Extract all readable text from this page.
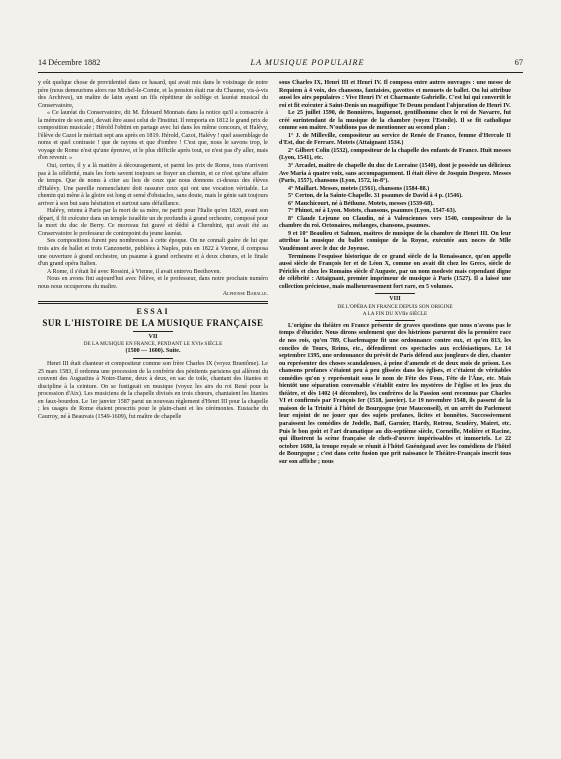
14 Décembre 1882	LA MUSIQUE POPULAIRE	67

y eût quelque chose de providentiel dans ce hasard, qui avait mis dans le voisinage de notre père (nous demeurions alors rue Michel-le-Comte, et la pension était rue du Chaume, vis-à-vis des Archives), un maître de latin ayant un fils répétiteur de solfège et lauréat musical du Conservatoire,

« Ce lauréat du Conservatoire, dit M. Édouard Monnais dans la notice qu'il a consacrée à la mémoire de son ami, devait être aussi celui de l'Institut. Il remporta en 1812 le grand prix de composition musicale ; Hérold l'obtint en partage avec lui dans les même concours, et Halévy, l'élève de Cazot le méritait sept ans après en 1819. Hérold, Cazot, Halévy ! quel assemblage de noms et quel contraste ! que de rayons et que d'ombre ! C'est que, nous le savons trop, le voyage de Rome n'est qu'une épreuve, et le plus difficile après tout, ce n'est pas d'y aller, mais d'en revenir. »

Oui, certes, il y a là matière à découragement, et parmi les prix de Rome, tous n'arrivent pas à la célébrité, mais les forts savent toujours se frayer un chemin, et ce n'est qu'une affaire de temps. Que de noms à citer au lieu de ceux que nous donnons ci-dessus des élèves d'Halévy. Une pareille nomenclature doit rassurer ceux qui ont une vocation véritable. Le chemin qui mène à la gloire est long et semé d'obstacles, sans doute, mais le génie sait toujours arriver à son but sans hésitation et surtout sans défaillance.

Halévy, retenu à Paris par la mort de sa mère, ne partit pour l'Italie qu'en 1820, avant son départ, il fit exécuter dans un temple israélite un de profundis à grand orchestre, composé pour la mort du duc de Berry. Ce morceau fut gravé et dédié à Cherubini, qui avait été au Conservatoire le professeur de contrepoint du jeune lauréat.

Ses compositions furent peu nombreuses à cette époque. On ne connaît guère de lui que trois airs de ballet et trois Canzonette, publiées à Naples, puis en 1822 à Vienne, il composa une ouverture à grand orchestre, un psaume à grand orchestre et à deux chœurs, et le finale d'un grand opéra Italien.

A Rome, il s'était lié avec Rossini, à Vienne, il avait entrevu Beethoven.

Nous en avons fini aujourd'hui avec l'élève, et le professeur, dans notre prochain numéro nous nous occuperons du maître.

Alphonse Baralle.
ESSAI
SUR L'HISTOIRE DE LA MUSIQUE FRANÇAISE
VII
DE LA MUSIQUE EN FRANCE, PENDANT LE XVIe SIÈCLE
(1500 — 1600). Suite.

Henri III était chanteur et compositeur comme son frère Charles IX (voyez Brantôme). Le 25 mars 1583, il ordonna une procession de la confrérie des pénitents parisiens qui allèrent du couvent des Augustins à Notre-Dame, deux à deux, en sac de toile, chantant des litanies et discipline à la ceinture. On se fustigeait en musique (voyez les airs du roi René pour la procession d'Aix). Les musiciens de la chapelle divisés en trois chœurs, chantaient les litanies en faux-bourdon. Le 1er janvier 1587 parut un nouveau règlement d'Henri III pour la chapelle ; les usages de Rome étaient prescrits pour le plain-chant et les cérémonies. Eustache du Caurroy, né à Beauvais (1549-1609), fut maître de chapelle

sous Charles IX, Henri III et Henri IV. Il composa entre autres ouvrages : une messe de Requiem à 4 voix, des chansons, fantaisies, gavottes et menuets de ballet. On lui attribue aussi les airs populaires : Vive Henri IV et Charmante Gabrielle. C'est lui qui convertit le roi et fit exécuter à Saint-Denis un magnifique Te Deum pendant l'abjuration de Henri IV.

Le 25 juillet 1590, de Bonnières, huguenot, gentilhomme chez le roi de Navarre, fut créé surintendant de la musique de la chambre (voyez l'Estoile). Il se fit catholique comme son maître. N'oublions pas de mentionner au second plan :

1° J. de Milleville, compositeur au service de Renée de France, femme d'Hercule II d'Est, duc de Ferrare. Motets (Attaignant 1534.)

2° Gilbert Colin (1532), compositeur de la chapelle des enfants de France. Huit messes (Lyon, 1541), etc.

3° Arcadet, maître de chapelle du duc de Lorraine (1540), dont je possède un délicieux Ave Maria à quatre voix, sans accompagnement. Il était élève de Josquin Desprez. Messes (Paris, 1557), chansons (Lyon, 1572, in-8°).

4° Maillart. Messes, motets (1561), chansons (1584-88.)

5° Certon, de la Sainte-Chapelle. 31 psaumes de David à 4 p. (1546).

6° Mauchicourt, né à Béthune. Motets, messes (1539-68).

7° Phinot, né à Lyon. Motets, chansons, psaumes (Lyon, 1547-63).

8° Claude Lejeune ou Claudin, né à Valenciennes vers 1540, compositeur de la chambre du roi. Octonaires, mélanges, chansons, psaumes.

9 et 10° Beaulieu et Salmon, maîtres de musique de la chambre de Henri III. On leur attribue la musique du ballet comique de la Royne, exécutée aux noces de Mlle Vaudémont avec le duc de Joyeuse.

Terminons l'esquisse historique de ce grand siècle de la Renaissance, qu'on appelle aussi siècle de François Ier et de Léon X, comme on avait dit chez les Grecs, siècle de Périclès et chez les Romains siècle d'Auguste, par un nom modeste mais cependant digne de célébrité : Attaignant, premier imprimeur de musique à Paris (1527). Il a laissé une collection précieuse, mais malheureusement fort rare, en 5 volumes.

VIII
DE L'OPÉRA EN FRANCE DEPUIS SON ORIGINE
A LA FIN DU XVIIe SIÈCLE

L'origine du théâtre en France présente de graves questions que nous n'avons pas le temps d'élucider. Nous dirons seulement que des histrions parurent dès la première race de nos rois, qu'en 789, Charlemagne fit une ordonnance contre eux, et qu'en 813, les conciles de Tours, Reims, etc., défendirent ces spectacles aux ecclésiastiques. Le 14 septembre 1395, une ordonnance du prévôt de Paris défend aux jongleurs de dire, chanter ou représenter des choses scandaleuses, à peine d'amende et de deux mois de prison. Les chansons profanes s'étaient peu à peu glissées dans les églises, et c'étaient de véritables comédies qu'on y représentait sous le nom de Fête des Fous, Fête de l'Âne, etc. Mais bientôt une séparation convenable s'établit entre les mystères de l'église et les jeux du théâtre, et dès 1402 (4 décembre), les confrères de la Passion sont reconnus par Charles VI et confirmés par François Ier (1518, janvier). Le 19 novembre 1548, ils passent de la maison de la Trinité à l'hôtel de Bourgogne (rue Mauconseil), et un arrêt du Parlement leur enjoint de ne jouer que des sujets profanes, licites et honnêtes. Successivement paraissent les comédies de Jodelle, Baïf, Garnier, Hardy, Rotrou, Scudéry, Mairet, etc. Puis le bon goût et l'art dramatique au dix-septième siècle, Corneille, Molière et Racine, qui illustrent la scène française de chefs-d'œuvre impérissables et immortels. Le 22 octobre 1680, la troupe royale se réunit à l'hôtel Guénégaud avec les comédiens de l'hôtel de Bourgogne ; c'est dans cette fusion que prit naissance le Théâtre-Français inscrit tous sur son affiche ; nous
